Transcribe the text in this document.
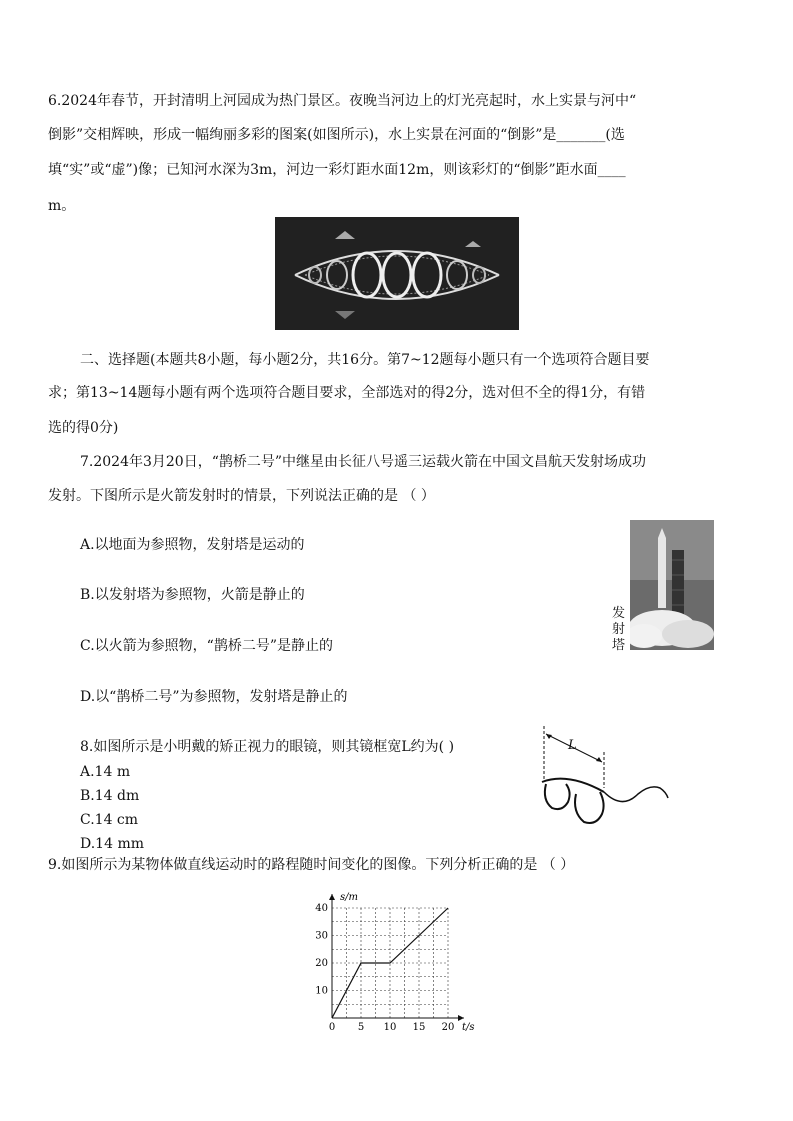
6.2024年春节，开封清明上河园成为热门景区。夜晚当河边上的灯光亮起时，水上实景与河中“
倒影”交相辉映，形成一幅绚丽多彩的图案(如图所示)，水上实景在河面的“倒影”是_______(选
填“实”或“虚”)像；已知河水深为3m，河边一彩灯距水面12m，则该彩灯的“倒影”距水面____
m。
二、选择题(本题共8小题，每小题2分，共16分。第7~12题每小题只有一个选项符合题目要
求；第13~14题每小题有两个选项符合题目要求，全部选对的得2分，选对但不全的得1分，有错
选的得0分)
7.2024年3月20日，“鹊桥二号”中继星由长征八号遥三运载火箭在中国文昌航天发射场成功
发射。下图所示是火箭发射时的情景，下列说法正确的是 （ ）
A.以地面为参照物，发射塔是运动的
B.以发射塔为参照物，火箭是静止的
C.以火箭为参照物，“鹊桥二号”是静止的
D.以“鹊桥二号”为参照物，发射塔是静止的
发
射
塔
8.如图所示是小明戴的矫正视力的眼镜，则其镜框宽L约为( )
A.14 m
B.14 dm
C.14 cm
D.14 mm
L
9.如图所示为某物体做直线运动时的路程随时间变化的图像。下列分析正确的是 （ ）
0 5 10 15 20
10
20
30
40
s/m
t/s
